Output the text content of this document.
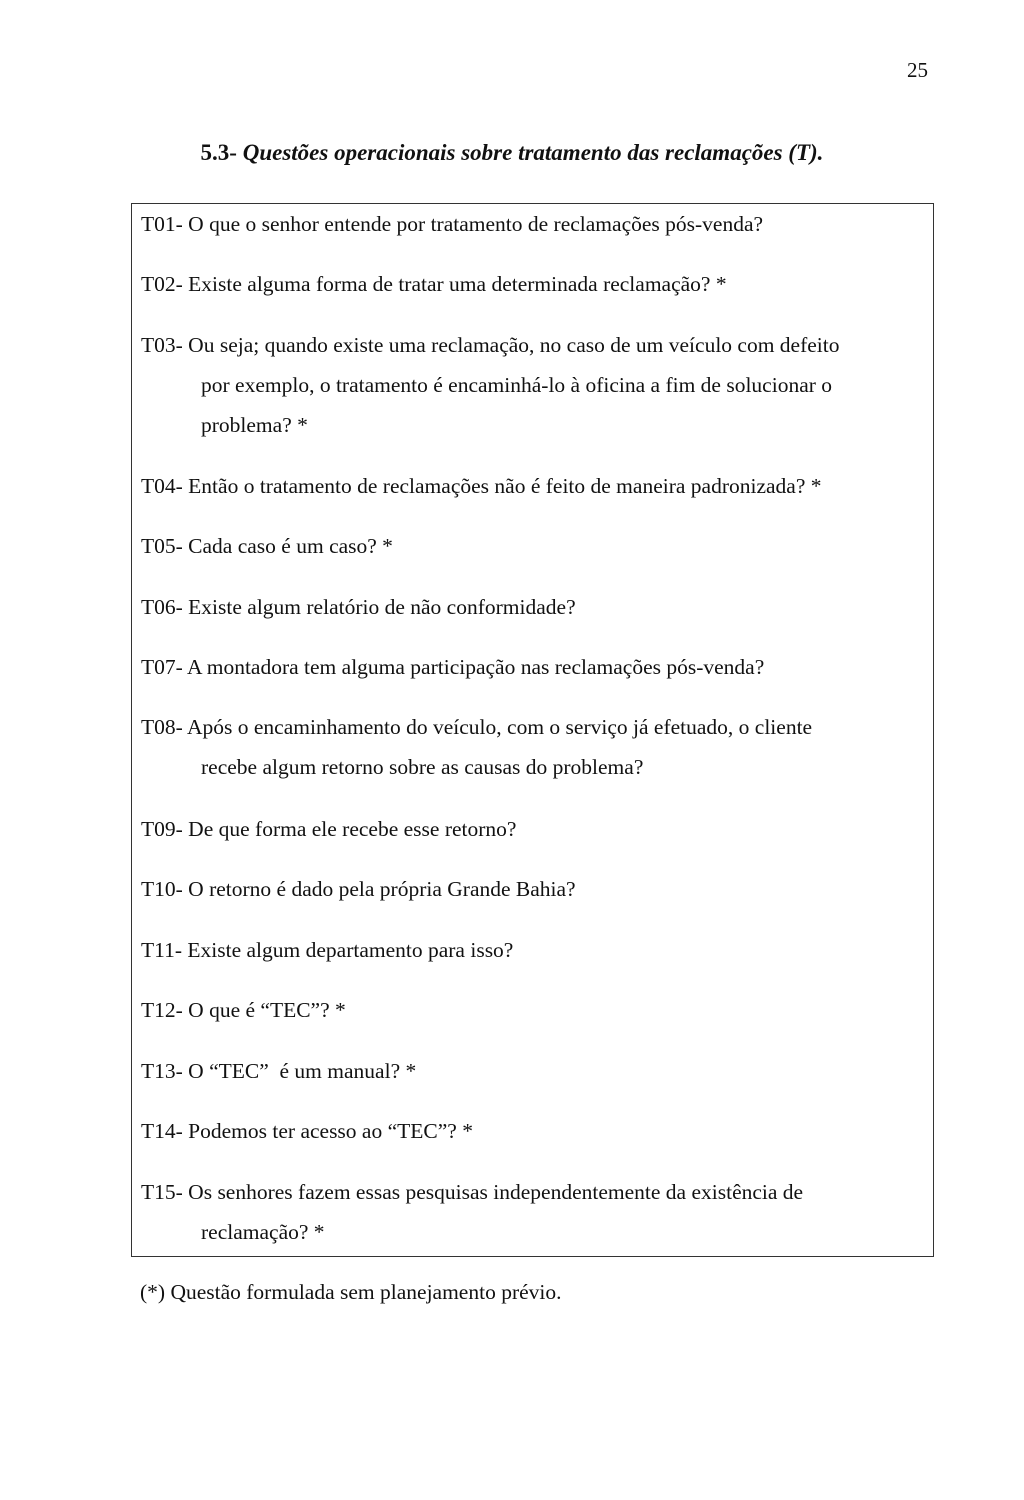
25
5.3- Questões operacionais sobre tratamento das reclamações (T).

T01- O que o senhor entende por tratamento de reclamações pós-venda?

T02- Existe alguma forma de tratar uma determinada reclamação? *

T03- Ou seja; quando existe uma reclamação, no caso de um veículo com defeito
por exemplo, o tratamento é encaminhá-lo à oficina a fim de solucionar o problema? *

T04- Então o tratamento de reclamações não é feito de maneira padronizada? *

T05- Cada caso é um caso? *

T06- Existe algum relatório de não conformidade?

T07- A montadora tem alguma participação nas reclamações pós-venda?

T08- Após o encaminhamento do veículo, com o serviço já efetuado, o cliente
recebe algum retorno sobre as causas do problema?

T09- De que forma ele recebe esse retorno?

T10- O retorno é dado pela própria Grande Bahia?

T11- Existe algum departamento para isso?

T12- O que é “TEC”? *

T13- O “TEC”  é um manual? *

T14- Podemos ter acesso ao “TEC”? *

T15- Os senhores fazem essas pesquisas independentemente da existência de
reclamação? *

(*) Questão formulada sem planejamento prévio.
